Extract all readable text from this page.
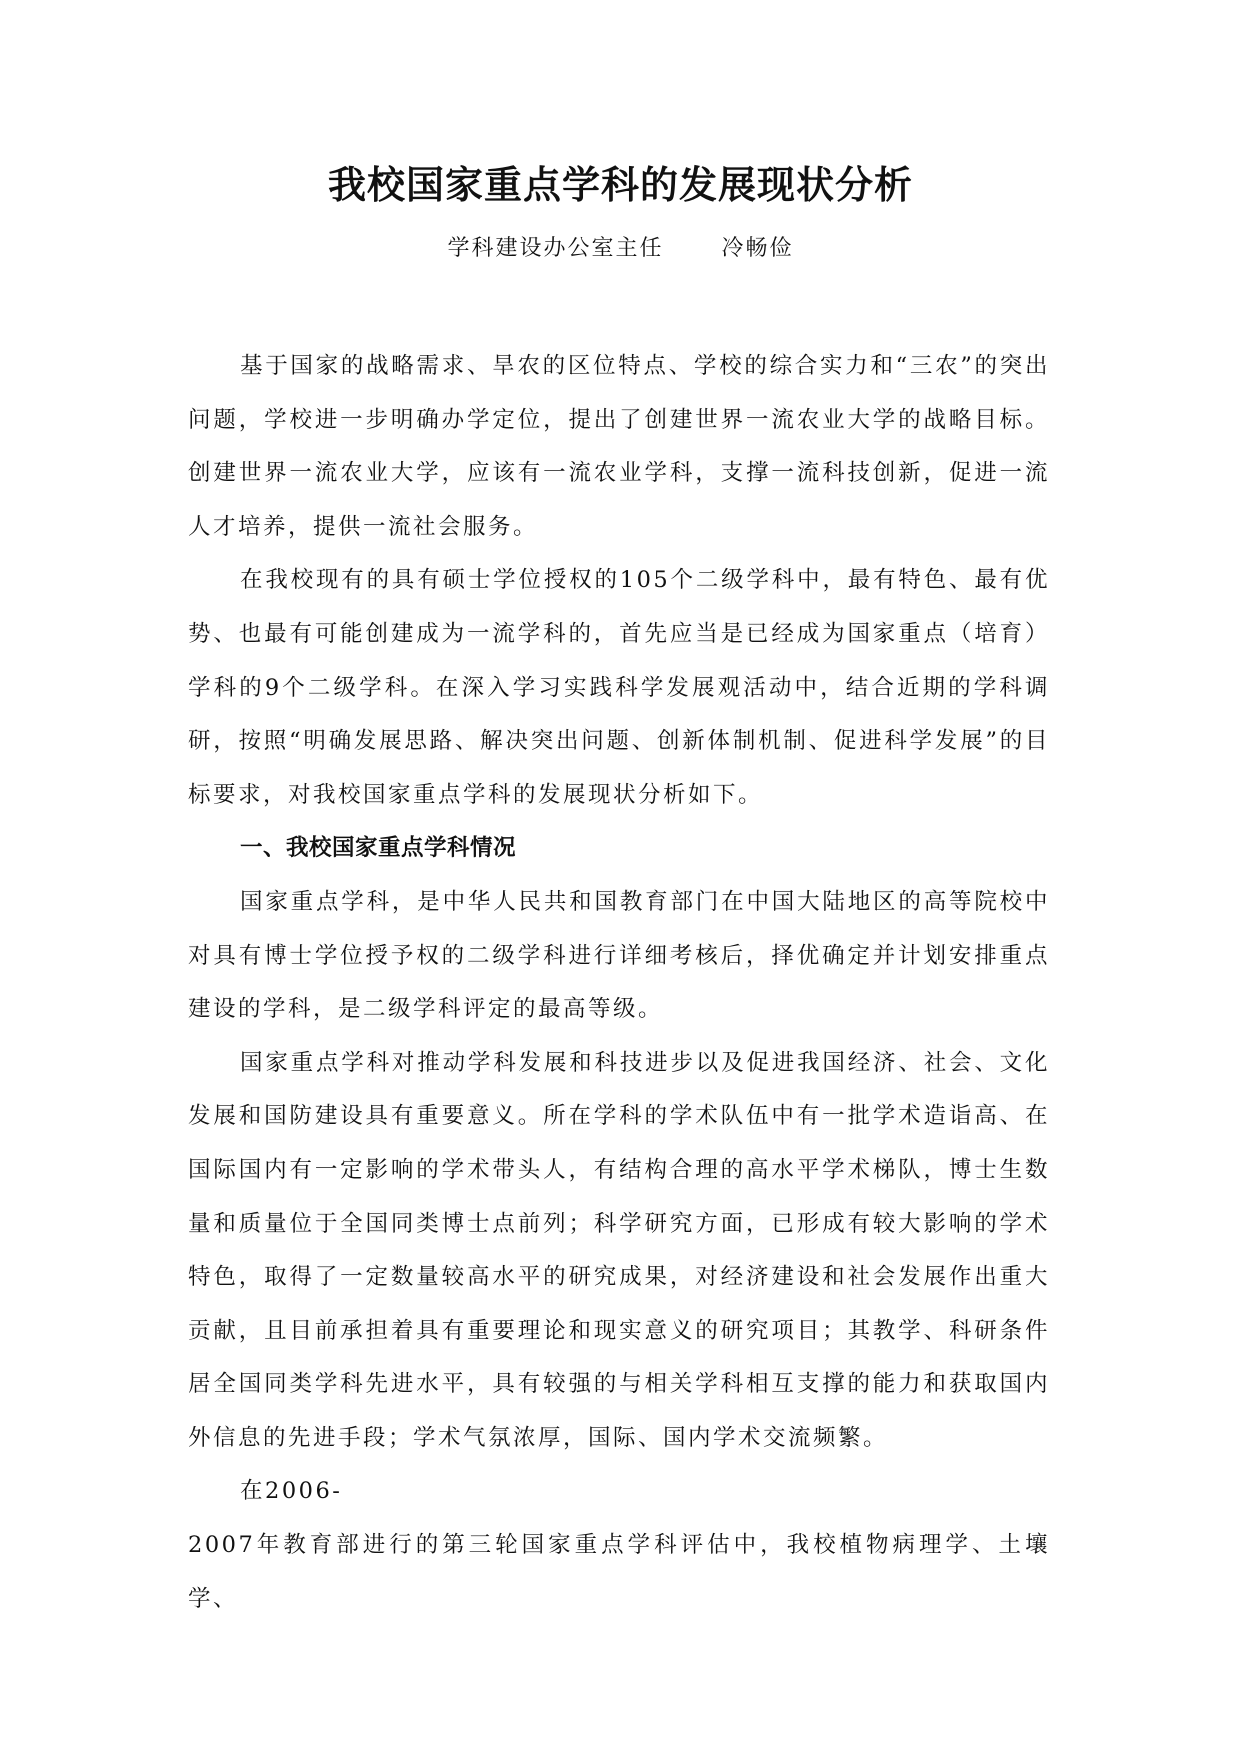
我校国家重点学科的发展现状分析
学科建设办公室主任	冷畅俭

基于国家的战略需求、旱农的区位特点、学校的综合实力和“三农”的突出问题，学校进一步明确办学定位，提出了创建世界一流农业大学的战略目标。创建世界一流农业大学，应该有一流农业学科，支撑一流科技创新，促进一流人才培养，提供一流社会服务。

在我校现有的具有硕士学位授权的105个二级学科中，最有特色、最有优势、也最有可能创建成为一流学科的，首先应当是已经成为国家重点（培育）学科的9个二级学科。在深入学习实践科学发展观活动中，结合近期的学科调研，按照“明确发展思路、解决突出问题、创新体制机制、促进科学发展”的目标要求，对我校国家重点学科的发展现状分析如下。

一、我校国家重点学科情况

国家重点学科，是中华人民共和国教育部门在中国大陆地区的高等院校中对具有博士学位授予权的二级学科进行详细考核后，择优确定并计划安排重点建设的学科，是二级学科评定的最高等级。

国家重点学科对推动学科发展和科技进步以及促进我国经济、社会、文化发展和国防建设具有重要意义。所在学科的学术队伍中有一批学术造诣高、在国际国内有一定影响的学术带头人，有结构合理的高水平学术梯队，博士生数量和质量位于全国同类博士点前列；科学研究方面，已形成有较大影响的学术特色，取得了一定数量较高水平的研究成果，对经济建设和社会发展作出重大贡献，且目前承担着具有重要理论和现实意义的研究项目；其教学、科研条件居全国同类学科先进水平，具有较强的与相关学科相互支撑的能力和获取国内外信息的先进手段；学术气氛浓厚，国际、国内学术交流频繁。

在2006-

2007年教育部进行的第三轮国家重点学科评估中，我校植物病理学、土壤学、
